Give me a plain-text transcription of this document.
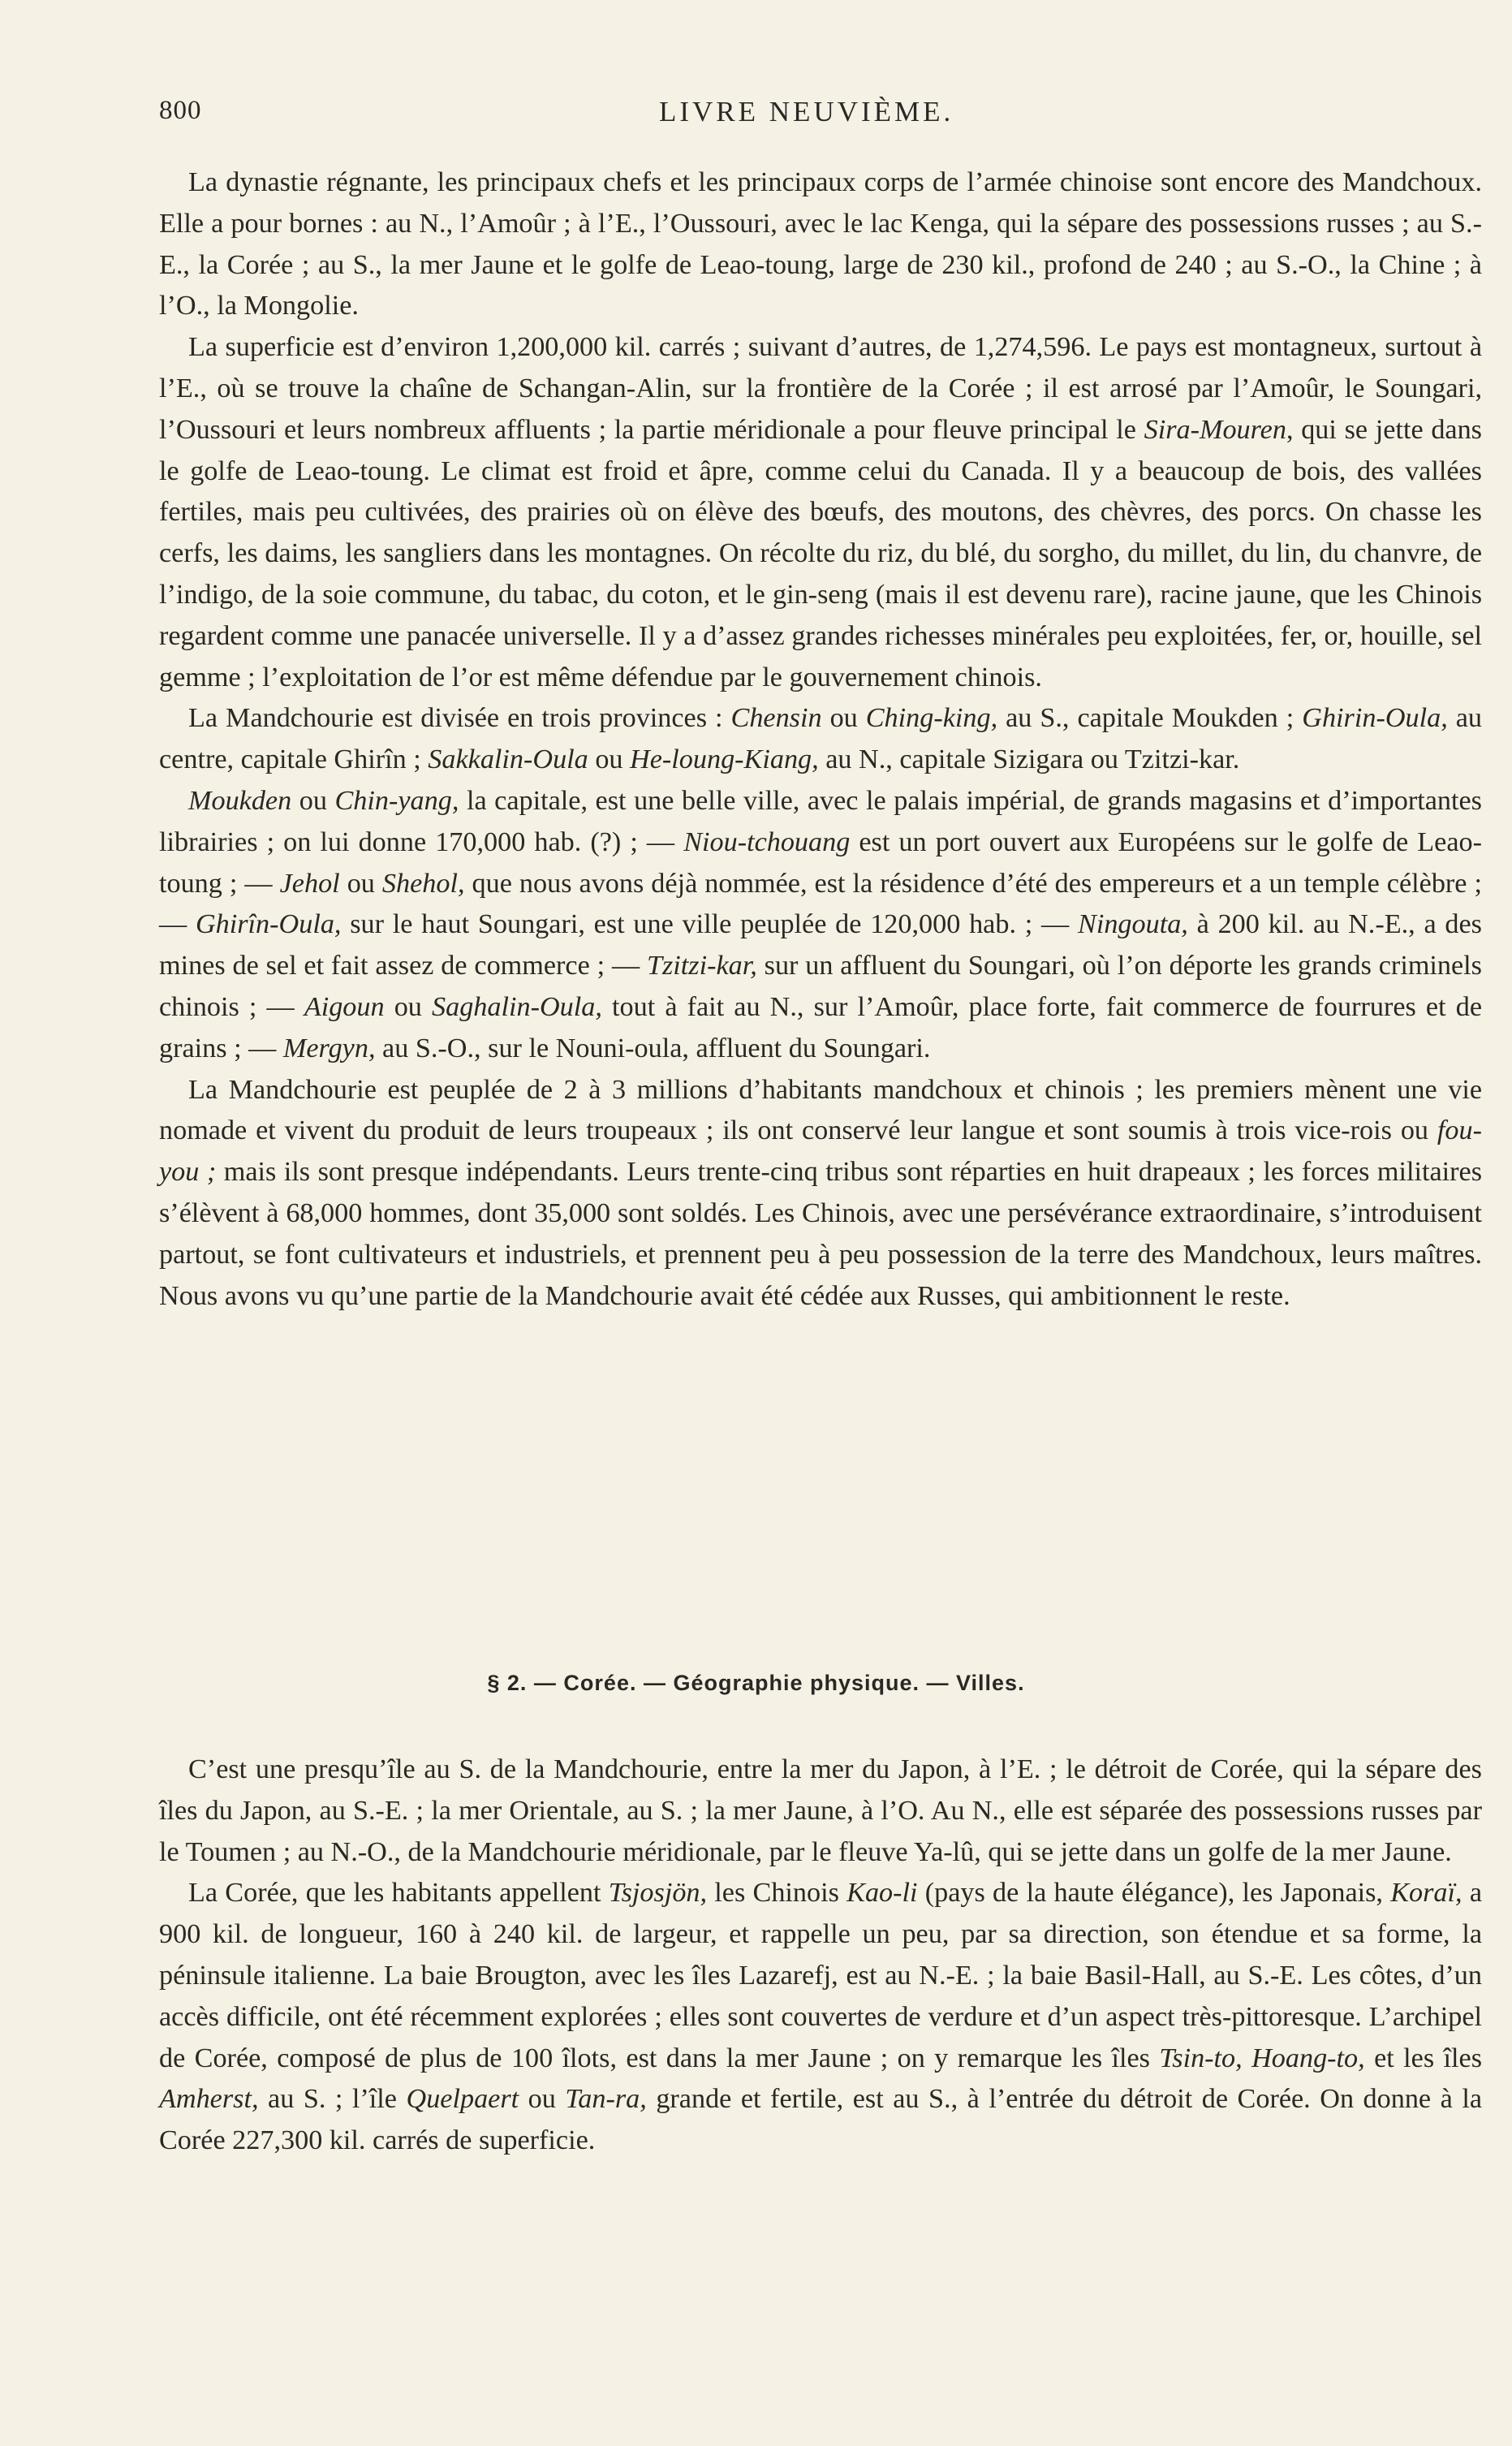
800	LIVRE NEUVIÈME.

La dynastie régnante, les principaux chefs et les principaux corps de l’armée chinoise sont encore des Mandchoux. Elle a pour bornes : au N., l’Amoûr ; à l’E., l’Oussouri, avec le lac Kenga, qui la sépare des possessions russes ; au S.-E., la Corée ; au S., la mer Jaune et le golfe de Leao-toung, large de 230 kil., profond de 240 ; au S.-O., la Chine ; à l’O., la Mongolie.

La superficie est d’environ 1,200,000 kil. carrés ; suivant d’autres, de 1,274,596. Le pays est montagneux, surtout à l’E., où se trouve la chaîne de Schangan-Alin, sur la frontière de la Corée ; il est arrosé par l’Amoûr, le Soungari, l’Oussouri et leurs nombreux affluents ; la partie méridionale a pour fleuve principal le Sira-Mouren, qui se jette dans le golfe de Leao-toung. Le climat est froid et âpre, comme celui du Canada. Il y a beaucoup de bois, des vallées fertiles, mais peu cultivées, des prairies où on élève des bœufs, des moutons, des chèvres, des porcs. On chasse les cerfs, les daims, les sangliers dans les montagnes. On récolte du riz, du blé, du sorgho, du millet, du lin, du chanvre, de l’indigo, de la soie commune, du tabac, du coton, et le gin-seng (mais il est devenu rare), racine jaune, que les Chinois regardent comme une panacée universelle. Il y a d’assez grandes richesses minérales peu exploitées, fer, or, houille, sel gemme ; l’exploitation de l’or est même défendue par le gouvernement chinois.

La Mandchourie est divisée en trois provinces : Chensin ou Ching-king, au S., capitale Moukden ; Ghirin-Oula, au centre, capitale Ghirîn ; Sakkalin-Oula ou He-loung-Kiang, au N., capitale Sizigara ou Tzitzi-kar.

Moukden ou Chin-yang, la capitale, est une belle ville, avec le palais impérial, de grands magasins et d’importantes librairies ; on lui donne 170,000 hab. (?) ; — Niou-tchouang est un port ouvert aux Européens sur le golfe de Leao-toung ; — Jehol ou Shehol, que nous avons déjà nommée, est la résidence d’été des empereurs et a un temple célèbre ; — Ghirîn-Oula, sur le haut Soungari, est une ville peuplée de 120,000 hab. ; — Ningouta, à 200 kil. au N.-E., a des mines de sel et fait assez de commerce ; — Tzitzi-kar, sur un affluent du Soungari, où l’on déporte les grands criminels chinois ; — Aigoun ou Saghalin-Oula, tout à fait au N., sur l’Amoûr, place forte, fait commerce de fourrures et de grains ; — Mergyn, au S.-O., sur le Nouni-oula, affluent du Soungari.

La Mandchourie est peuplée de 2 à 3 millions d’habitants mandchoux et chinois ; les premiers mènent une vie nomade et vivent du produit de leurs troupeaux ; ils ont conservé leur langue et sont soumis à trois vice-rois ou fou-you ; mais ils sont presque indépendants. Leurs trente-cinq tribus sont réparties en huit drapeaux ; les forces militaires s’élèvent à 68,000 hommes, dont 35,000 sont soldés. Les Chinois, avec une persévérance extraordinaire, s’introduisent partout, se font cultivateurs et industriels, et prennent peu à peu possession de la terre des Mandchoux, leurs maîtres. Nous avons vu qu’une partie de la Mandchourie avait été cédée aux Russes, qui ambitionnent le reste.

§ 2. — Corée. — Géographie physique. — Villes.

C’est une presqu’île au S. de la Mandchourie, entre la mer du Japon, à l’E. ; le détroit de Corée, qui la sépare des îles du Japon, au S.-E. ; la mer Orientale, au S. ; la mer Jaune, à l’O. Au N., elle est séparée des possessions russes par le Toumen ; au N.-O., de la Mandchourie méridionale, par le fleuve Ya-lû, qui se jette dans un golfe de la mer Jaune.

La Corée, que les habitants appellent Tsjosjön, les Chinois Kao-li (pays de la haute élégance), les Japonais, Koraï, a 900 kil. de longueur, 160 à 240 kil. de largeur, et rappelle un peu, par sa direction, son étendue et sa forme, la péninsule italienne. La baie Brougton, avec les îles Lazarefj, est au N.-E. ; la baie Basil-Hall, au S.-E. Les côtes, d’un accès difficile, ont été récemment explorées ; elles sont couvertes de verdure et d’un aspect très-pittoresque. L’archipel de Corée, composé de plus de 100 îlots, est dans la mer Jaune ; on y remarque les îles Tsin-to, Hoang-to, et les îles Amherst, au S. ; l’île Quelpaert ou Tan-ra, grande et fertile, est au S., à l’entrée du détroit de Corée. On donne à la Corée 227,300 kil. carrés de superficie.
